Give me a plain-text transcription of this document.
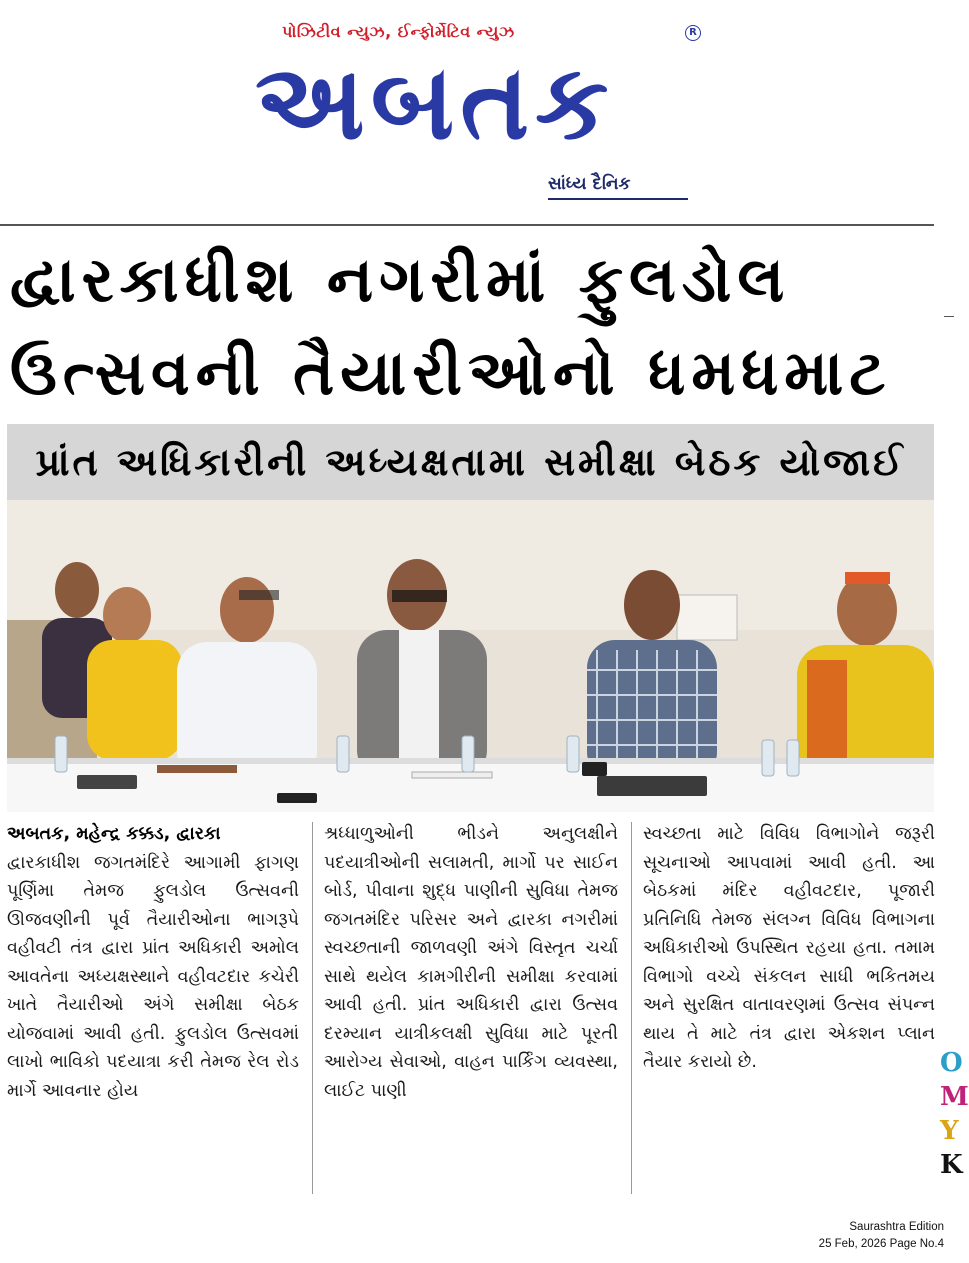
પોઝિટીવ ન્યુઝ, ઈન્ફોર્મેટિવ ન્યુઝ
અબતક
R
સાંધ્ય દૈનિક
દ્વારકાધીશ નગરીમાં ફુલડોલ
ઉત્સવની તૈયારીઓનો ધમધમાટ
પ્રાંત અધિકારીની અધ્યક્ષતામા સમીક્ષા બેઠક યોજાઈ
અબતક, મહેન્દ્ર કક્કડ, દ્વારકા
દ્વારકાધીશ જગતમંદિરે આગામી ફાગણ પૂર્ણિમા તેમજ ફુલડોલ ઉત્સવની ઊજવણીની પૂર્વ તૈયારીઓના ભાગરૂપે વહીવટી તંત્ર દ્વારા પ્રાંત અધિકારી અમોલ આવતેના અધ્યક્ષસ્થાને વહીવટદાર કચેરી ખાતે તૈયારીઓ અંગે સમીક્ષા બેઠક યોજવામાં આવી હતી. ફુલડોલ ઉત્સવમાં લાખો ભાવિકો પદયાત્રા કરી તેમજ રેલ રોડ માર્ગે આવનાર હોય
શ્રધ્ધાળુઓની ભીડને અનુલક્ષીને પદયાત્રીઓની સલામતી, માર્ગો પર સાઈન બોર્ડ, પીવાના શુદ્ધ પાણીની સુવિધા તેમજ જગતમંદિર પરિસર અને દ્વારકા નગરીમાં સ્વચ્છતાની જાળવણી અંગે વિસ્તૃત ચર્ચા સાથે થયેલ કામગીરીની સમીક્ષા કરવામાં આવી હતી. પ્રાંત અધિકારી દ્વારા ઉત્સવ દરમ્યાન યાત્રીકલક્ષી સુવિધા માટે પૂરતી આરોગ્ય સેવાઓ, વાહન પાર્કિંગ વ્યવસ્થા, લાઈટ પાણી
સ્વચ્છતા માટે વિવિધ વિભાગોને જરૂરી સૂચનાઓ આપવામાં આવી હતી. આ બેઠકમાં મંદિર વહીવટદાર, પૂજારી પ્રતિનિધિ તેમજ સંલગ્ન વિવિધ વિભાગના અધિકારીઓ ઉપસ્થિત રહયા હતા. તમામ વિભાગો વચ્ચે સંકલન સાધી ભકિતમય અને સુરક્ષિત વાતાવરણમાં ઉત્સવ સંપન્ન થાય તે માટે તંત્ર દ્વારા એકશન પ્લાન તૈયાર કરાયો છે.	O
M
Y
K
Saurashtra Edition
25 Feb, 2026 Page No.4
